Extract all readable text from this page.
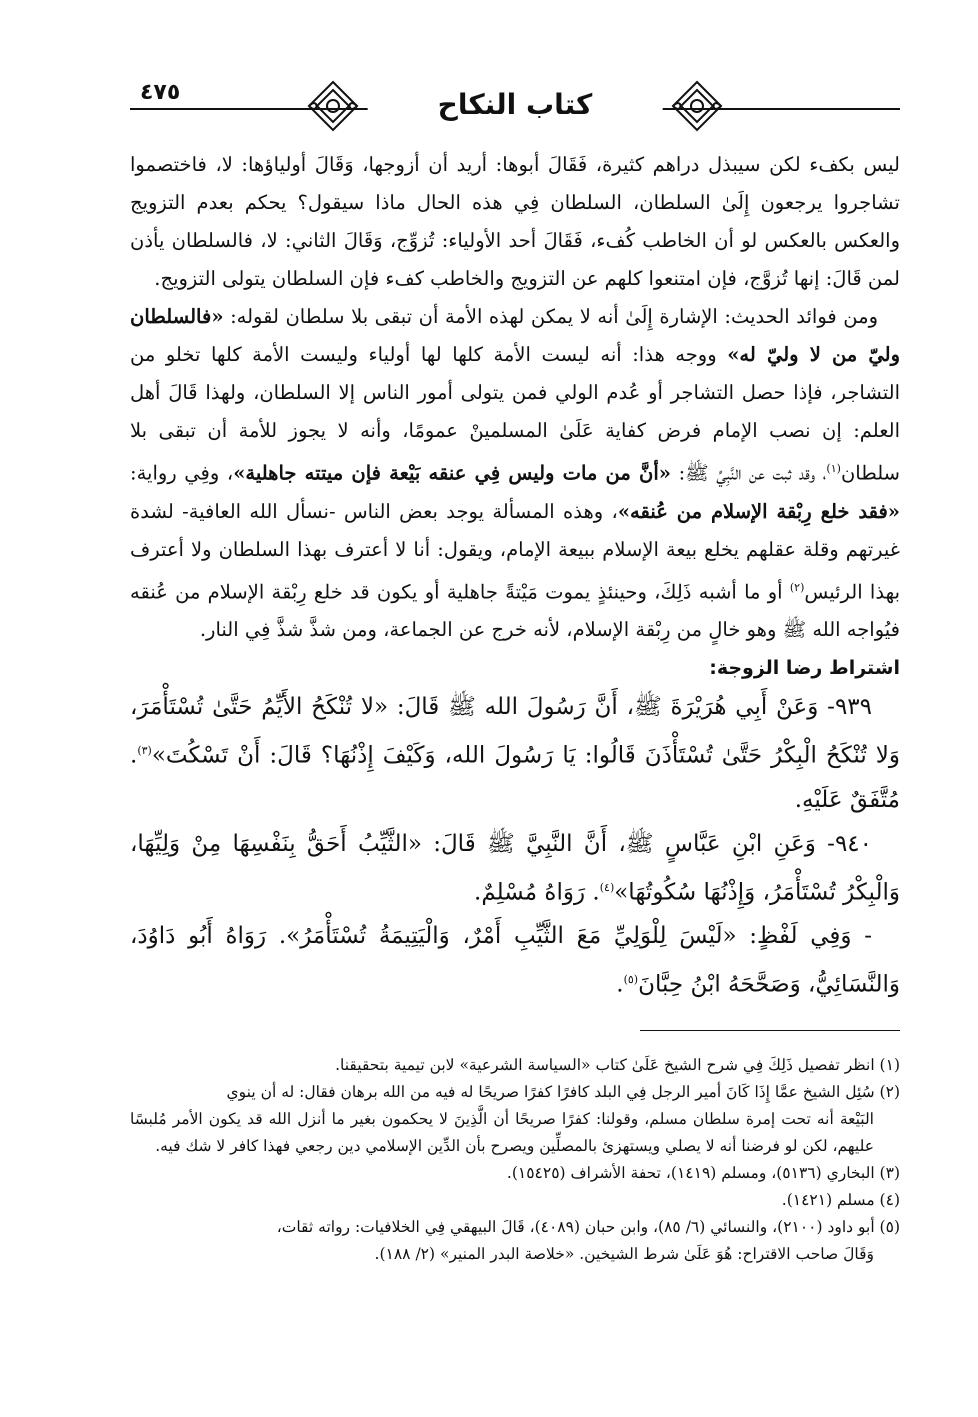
كتاب النكاح
٤٧٥

ليس بكفء لكن سيبذل دراهم كثيرة، فَقَالَ أبوها: أريد أن أزوجها، وَقَالَ أولياؤها: لا، فاختصموا تشاجروا يرجعون إِلَىٰ السلطان، السلطان فِي هذه الحال ماذا سيقول؟ يحكم بعدم التزويج والعكس بالعكس لو أن الخاطب كُفء، فَقَالَ أحد الأولياء: تُزوِّج، وَقَالَ الثاني: لا، فالسلطان يأذن لمن قَالَ: إنها تُزوَّج، فإن امتنعوا كلهم عن التزويج والخاطب كفء فإن السلطان يتولى التزويج.

ومن فوائد الحديث: الإشارة إِلَىٰ أنه لا يمكن لهذه الأمة أن تبقى بلا سلطان لقوله: «فالسلطان وليّ من لا وليّ له» ووجه هذا: أنه ليست الأمة كلها لها أولياء وليست الأمة كلها تخلو من التشاجر، فإذا حصل التشاجر أو عُدم الولي فمن يتولى أمور الناس إلا السلطان، ولهذا قَالَ أهل العلم: إن نصب الإمام فرض كفاية عَلَىٰ المسلمينْ عمومًا، وأنه لا يجوز للأمة أن تبقى بلا سلطان$^{(١)}$، وقد ثبت عن النَّبِيِّ ﷺ: «أنَّ من مات وليس فِي عنقه بَيْعة فإن ميتته جاهلية»، وفِي رواية: «فقد خلع رِبْقة الإسلام من عُنقه»، وهذه المسألة يوجد بعض الناس -نسأل الله العافية- لشدة غيرتهم وقلة عقلهم يخلع بيعة الإسلام ببيعة الإمام، ويقول: أنا لا أعترف بهذا السلطان ولا أعترف بهذا الرئيس$^{(٢)}$ أو ما أشبه ذَلِكَ، وحينئذٍ يموت مَيْتةً جاهلية أو يكون قد خلع رِبْقة الإسلام من عُنقه فيُواجه الله ﷺ وهو خالٍ من رِبْقة الإسلام، لأنه خرج عن الجماعة، ومن شذَّ شذَّ فِي النار.

اشتراط رضا الزوجة:

٩٣٩- وَعَنْ أَبِي هُرَيْرَةَ ﷺ، أَنَّ رَسُولَ الله ﷺ قَالَ: «لا تُنْكَحُ الأَيِّمُ حَتَّىٰ تُسْتَأْمَرَ، وَلا تُنْكَحُ الْبِكْرُ حَتَّىٰ تُسْتَأْذَنَ قَالُوا: يَا رَسُولَ الله، وَكَيْفَ إِذْنُهَا؟ قَالَ: أَنْ تَسْكُتَ»$^{(٣)}$. مُتَّفَقٌ عَلَيْهِ.

٩٤٠- وَعَنِ ابْنِ عَبَّاسٍ ﷺ، أَنَّ النَّبِيَّ ﷺ قَالَ: «الثَّيِّبُ أَحَقُّ بِنَفْسِهَا مِنْ وَلِيِّهَا، وَالْبِكْرُ تُسْتَأْمَرُ، وَإِذْنُهَا سُكُوتُهَا»$^{(٤)}$. رَوَاهُ مُسْلِمٌ.

- وَفِي لَفْظٍ: «لَيْسَ لِلْوَلِيِّ مَعَ الثَّيِّبِ أَمْرٌ، وَالْيَتِيمَةُ تُسْتَأْمَرُ». رَوَاهُ أَبُو دَاوُدَ، وَالنَّسَائِيُّ، وَصَحَّحَهُ ابْنُ حِبَّانَ$^{(٥)}$.

(١) انظر تفصيل ذَلِكَ فِي شرح الشيخ عَلَىٰ كتاب «السياسة الشرعية» لابن تيمية بتحقيقنا.

(٢) سُئِل الشيخ عمَّا إِذَا كَانَ أمير الرجل فِي البلد كافرًا كفرًا صريحًا له فيه من الله برهان فقال: له أن ينوي

البَيْعة أنه تحت إمرة سلطان مسلم، وقولنا: كفرًا صريحًا أن الَّذِينَ لا يحكمون بغير ما أنزل الله قد يكون الأمر مُلبسًا عليهم، لكن لو فرضنا أنه لا يصلي ويستهزئ بالمصلِّين ويصرح بأن الدِّين الإسلامي دين رجعي فهذا كافر لا شك فيه.

(٣) البخاري (٥١٣٦)، ومسلم (١٤١٩)، تحفة الأشراف (١٥٤٢٥).

(٤) مسلم (١٤٢١).

(٥) أبو داود (٢١٠٠)، والنسائي (٦/ ٨٥)، وابن حبان (٤٠٨٩)، قَالَ البيهقي فِي الخلافيات: رواته ثقات،

وَقَالَ صاحب الاقتراح: هُوَ عَلَىٰ شرط الشيخين. «خلاصة البدر المنير» (٢/ ١٨٨).
